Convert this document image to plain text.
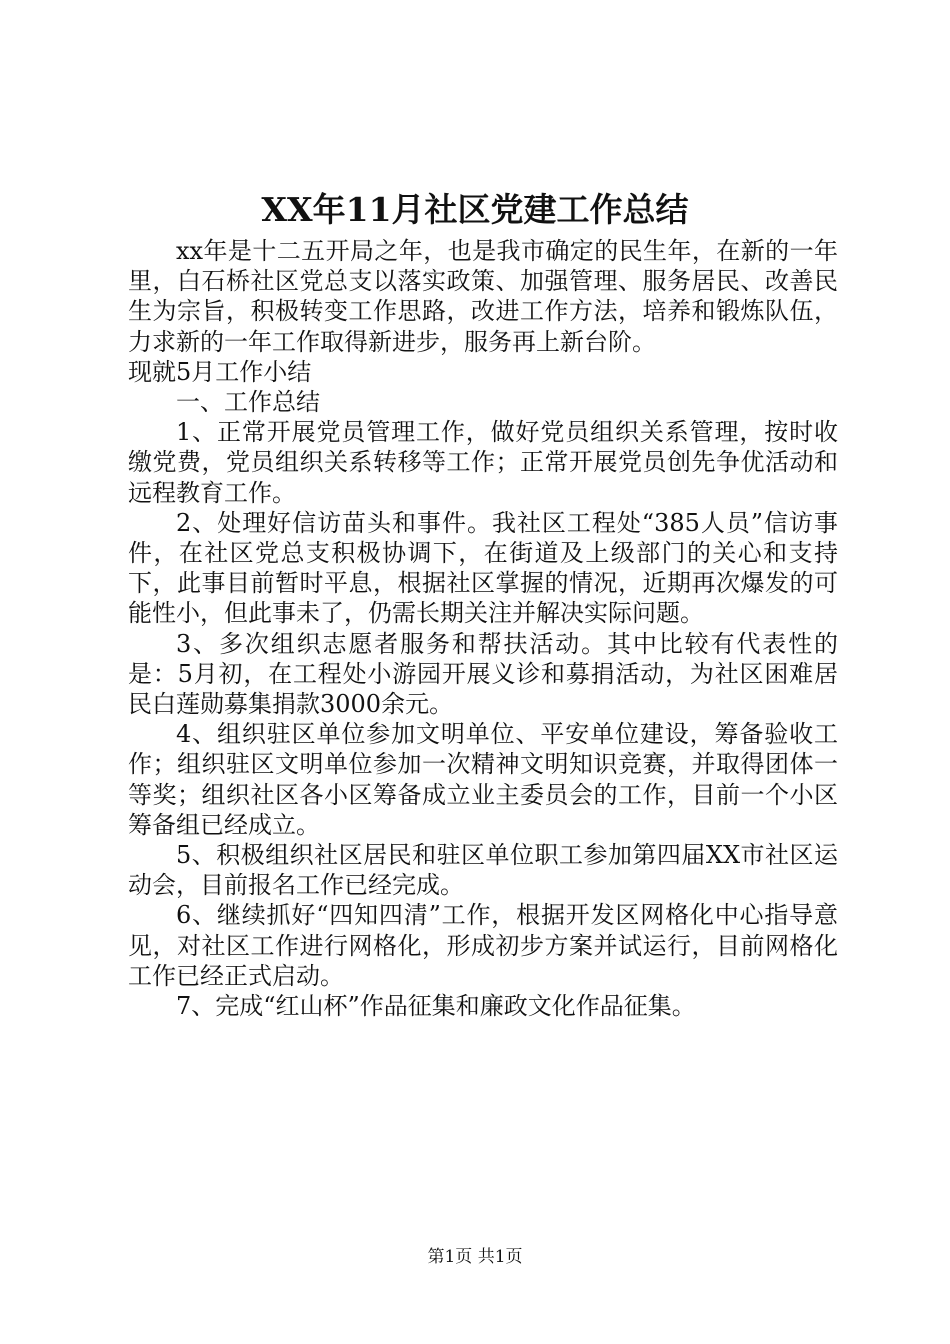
XX年11月社区党建工作总结

xx年是十二五开局之年，也是我市确定的民生年，在新的一年里，白石桥社区党总支以落实政策、加强管理、服务居民、改善民生为宗旨，积极转变工作思路，改进工作方法，培养和锻炼队伍，力求新的一年工作取得新进步，服务再上新台阶。

现就5月工作小结

一、工作总结

1、正常开展党员管理工作，做好党员组织关系管理，按时收缴党费，党员组织关系转移等工作；正常开展党员创先争优活动和远程教育工作。

2、处理好信访苗头和事件。我社区工程处“385人员”信访事件，在社区党总支积极协调下，在街道及上级部门的关心和支持下，此事目前暂时平息，根据社区掌握的情况，近期再次爆发的可能性小，但此事未了，仍需长期关注并解决实际问题。

3、多次组织志愿者服务和帮扶活动。其中比较有代表性的是：5月初，在工程处小游园开展义诊和募捐活动，为社区困难居民白莲勋募集捐款3000余元。

4、组织驻区单位参加文明单位、平安单位建设，筹备验收工作；组织驻区文明单位参加一次精神文明知识竞赛，并取得团体一等奖；组织社区各小区筹备成立业主委员会的工作，目前一个小区筹备组已经成立。

5、积极组织社区居民和驻区单位职工参加第四届XX市社区运动会，目前报名工作已经完成。

6、继续抓好“四知四清”工作，根据开发区网格化中心指导意见，对社区工作进行网格化，形成初步方案并试运行，目前网格化工作已经正式启动。

7、完成“红山杯”作品征集和廉政文化作品征集。

第1页 共1页
